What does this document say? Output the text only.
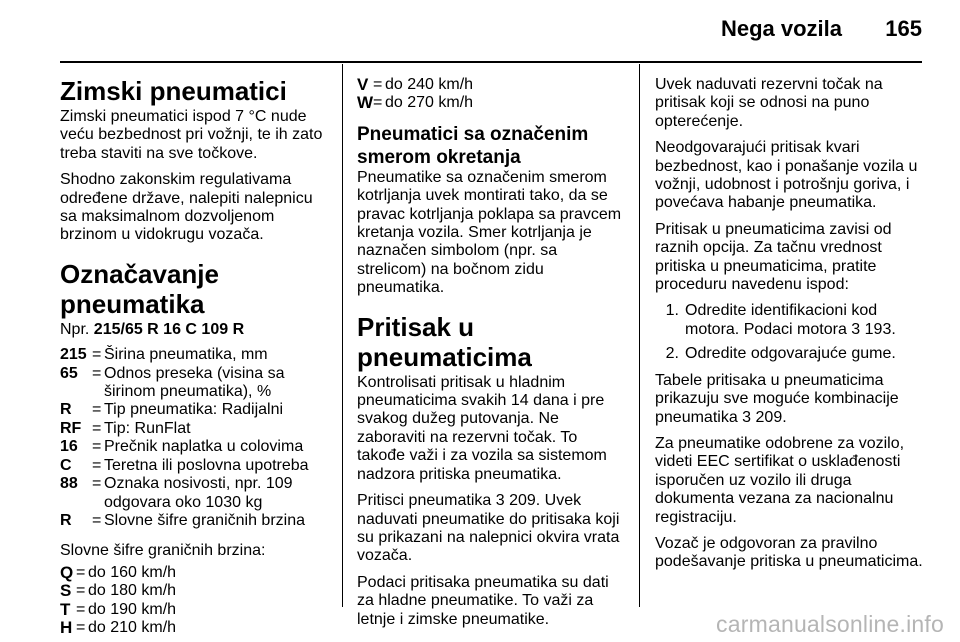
Nega vozila 165
Zimski pneumatici

Zimski pneumatici ispod 7 °C nude veću bezbednost pri vožnji, te ih zato treba staviti na sve točkove.

Shodno zakonskim regulativama određene države, nalepiti nalepnicu sa maksimalnom dozvoljenom brzinom u vidokrugu vozača.

Označavanje pneumatika

Npr. 215/65 R 16 C 109 R

215 = Širina pneumatika, mm
65 = Odnos preseka (visina sa širinom pneumatika), %
R	= Tip pneumatika: Radijalni
RF = Tip: RunFlat
16 = Prečnik naplatka u colovima
C	= Teretna ili poslovna upotreba
88 = Oznaka nosivosti, npr. 109 odgovara oko 1030 kg
R	= Slovne šifre graničnih brzina

Slovne šifre graničnih brzina:

Q = do 160 km/h
S = do 180 km/h
T = do 190 km/h
H = do 210 km/h
V = do 240 km/h
W = do 270 km/h
Pneumatici sa označenim smerom okretanja

Pneumatike sa označenim smerom kotrljanja uvek montirati tako, da se pravac kotrljanja poklapa sa pravcem kretanja vozila. Smer kotrljanja je naznačen simbolom (npr. sa strelicom) na bočnom zidu pneumatika.

Pritisak u pneumaticima

Kontrolisati pritisak u hladnim pneumaticima svakih 14 dana i pre svakog dužeg putovanja. Ne zaboraviti na rezervni točak. To takođe važi i za vozila sa sistemom nadzora pritiska pneumatika.

Pritisci pneumatika 3 209. Uvek naduvati pneumatike do pritisaka koji su prikazani na nalepnici okvira vrata vozača.

Podaci pritisaka pneumatika su dati za hladne pneumatike. To važi za letnje i zimske pneumatike.

Uvek naduvati rezervni točak na pritisak koji se odnosi na puno opterećenje.

Neodgovarajući pritisak kvari bezbednost, kao i ponašanje vozila u vožnji, udobnost i potrošnju goriva, i povećava habanje pneumatika.

Pritisak u pneumaticima zavisi od raznih opcija. Za tačnu vrednost pritiska u pneumaticima, pratite proceduru navedenu ispod:

1. Odredite identifikacioni kod motora. Podaci motora 3 193.
2. Odredite odgovarajuće gume.

Tabele pritisaka u pneumaticima prikazuju sve moguće kombinacije pneumatika 3 209.

Za pneumatike odobrene za vozilo, videti EEC sertifikat o usklađenosti isporučen uz vozilo ili druga dokumenta vezana za nacionalnu registraciju.

Vozač je odgovoran za pravilno podešavanje pritiska u pneumaticima.

carmanualsonline.info
